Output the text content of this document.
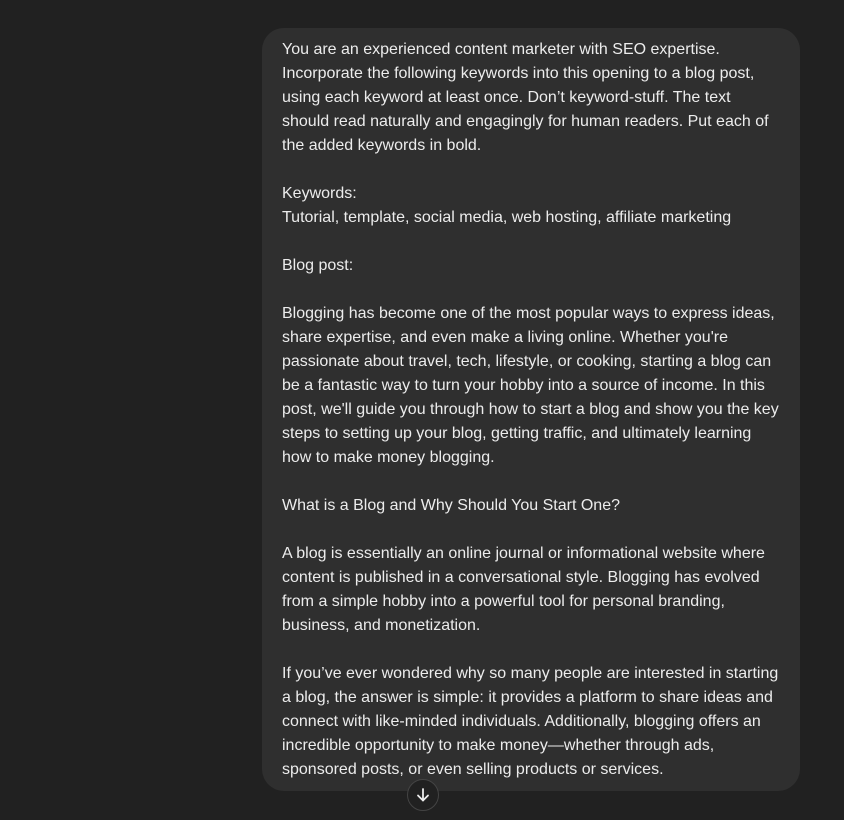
You are an experienced content marketer with SEO expertise. Incorporate the following keywords into this opening to a blog post, using each keyword at least once. Don’t keyword-stuff. The text should read naturally and engagingly for human readers. Put each of the added keywords in bold.

Keywords:

Tutorial, template, social media, web hosting, affiliate marketing

Blog post:

Blogging has become one of the most popular ways to express ideas, share expertise, and even make a living online. Whether you're passionate about travel, tech, lifestyle, or cooking, starting a blog can be a fantastic way to turn your hobby into a source of income. In this post, we'll guide you through how to start a blog and show you the key steps to setting up your blog, getting traffic, and ultimately learning how to make money blogging.

What is a Blog and Why Should You Start One?

A blog is essentially an online journal or informational website where content is published in a conversational style. Blogging has evolved from a simple hobby into a powerful tool for personal branding, business, and monetization.

If you’ve ever wondered why so many people are interested in starting a blog, the answer is simple: it provides a platform to share ideas and connect with like-minded individuals. Additionally, blogging offers an incredible opportunity to make money—whether through ads, sponsored posts, or even selling products or services.
